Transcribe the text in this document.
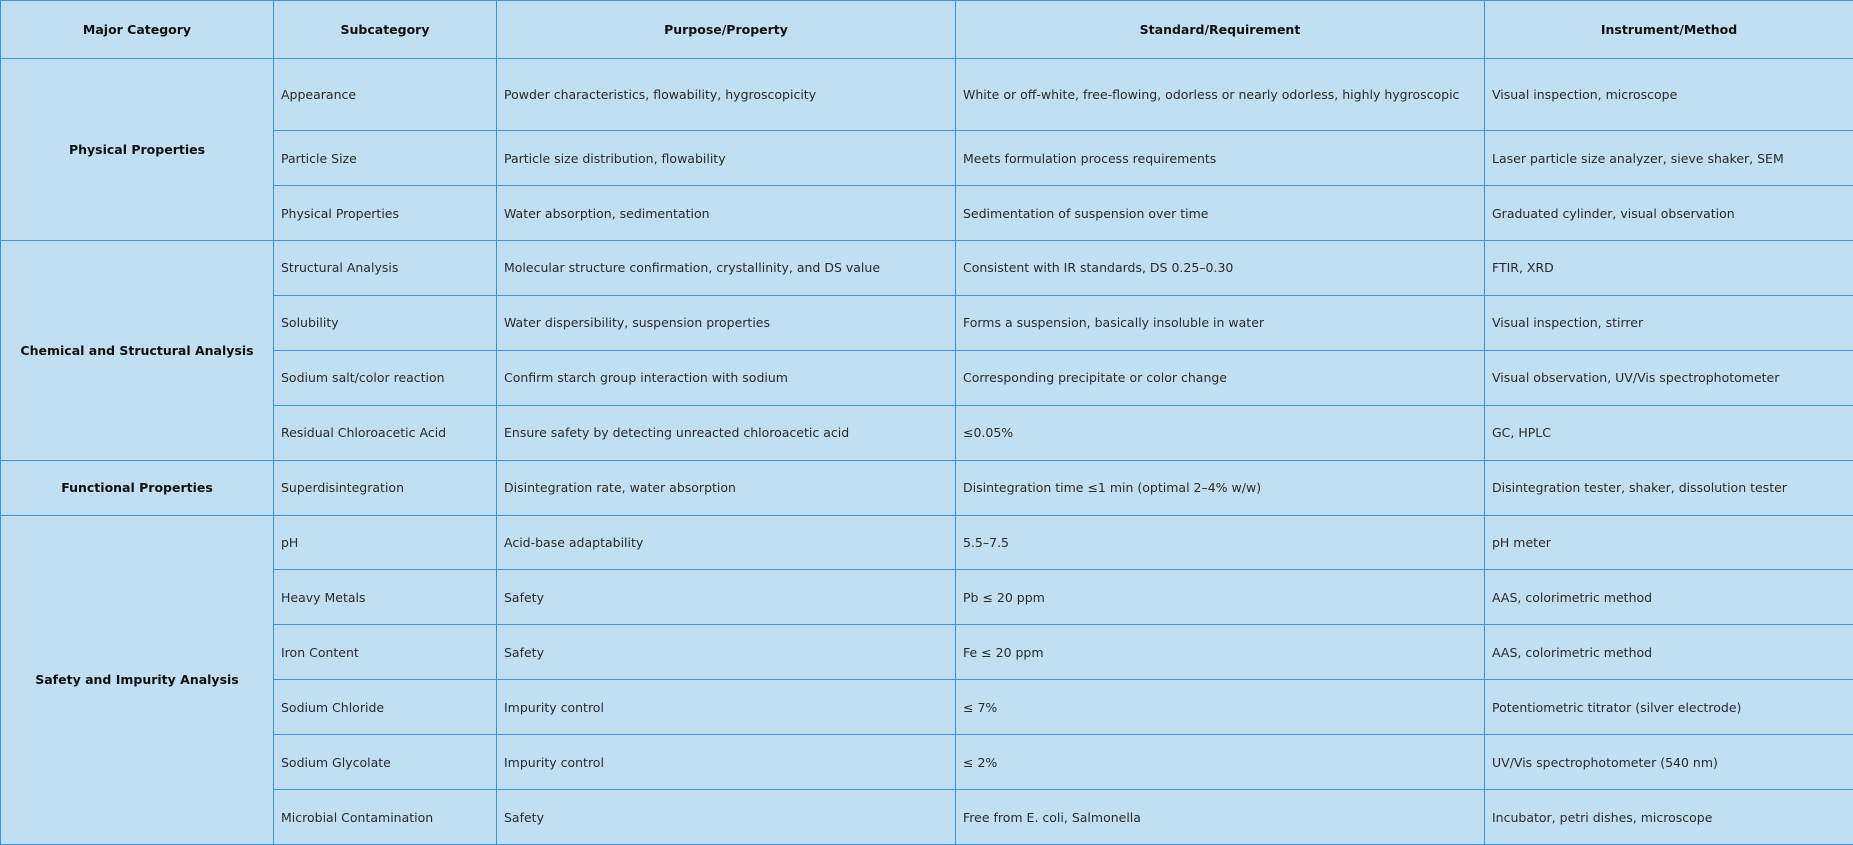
Major Category	Subcategory	Purpose/Property	Standard/Requirement	Instrument/Method
Physical Properties	Appearance	Powder characteristics, flowability, hygroscopicity	White or off-white, free-flowing, odorless or nearly odorless, highly hygroscopic	Visual inspection, microscope
	Particle Size	Particle size distribution, flowability	Meets formulation process requirements	Laser particle size analyzer, sieve shaker, SEM
	Physical Properties	Water absorption, sedimentation	Sedimentation of suspension over time	Graduated cylinder, visual observation
Chemical and Structural Analysis	Structural Analysis	Molecular structure confirmation, crystallinity, and DS value	Consistent with IR standards, DS 0.25–0.30	FTIR, XRD
	Solubility	Water dispersibility, suspension properties	Forms a suspension, basically insoluble in water	Visual inspection, stirrer
	Sodium salt/color reaction	Confirm starch group interaction with sodium	Corresponding precipitate or color change	Visual observation, UV/Vis spectrophotometer
	Residual Chloroacetic Acid	Ensure safety by detecting unreacted chloroacetic acid	≤0.05%	GC, HPLC
Functional Properties	Superdisintegration	Disintegration rate, water absorption	Disintegration time ≤1 min (optimal 2–4% w/w)	Disintegration tester, shaker, dissolution tester
Safety and Impurity Analysis	pH	Acid-base adaptability	5.5–7.5	pH meter
	Heavy Metals	Safety	Pb ≤ 20 ppm	AAS, colorimetric method
	Iron Content	Safety	Fe ≤ 20 ppm	AAS, colorimetric method
	Sodium Chloride	Impurity control	≤ 7%	Potentiometric titrator (silver electrode)
	Sodium Glycolate	Impurity control	≤ 2%	UV/Vis spectrophotometer (540 nm)
	Microbial Contamination	Safety	Free from E. coli, Salmonella	Incubator, petri dishes, microscope
